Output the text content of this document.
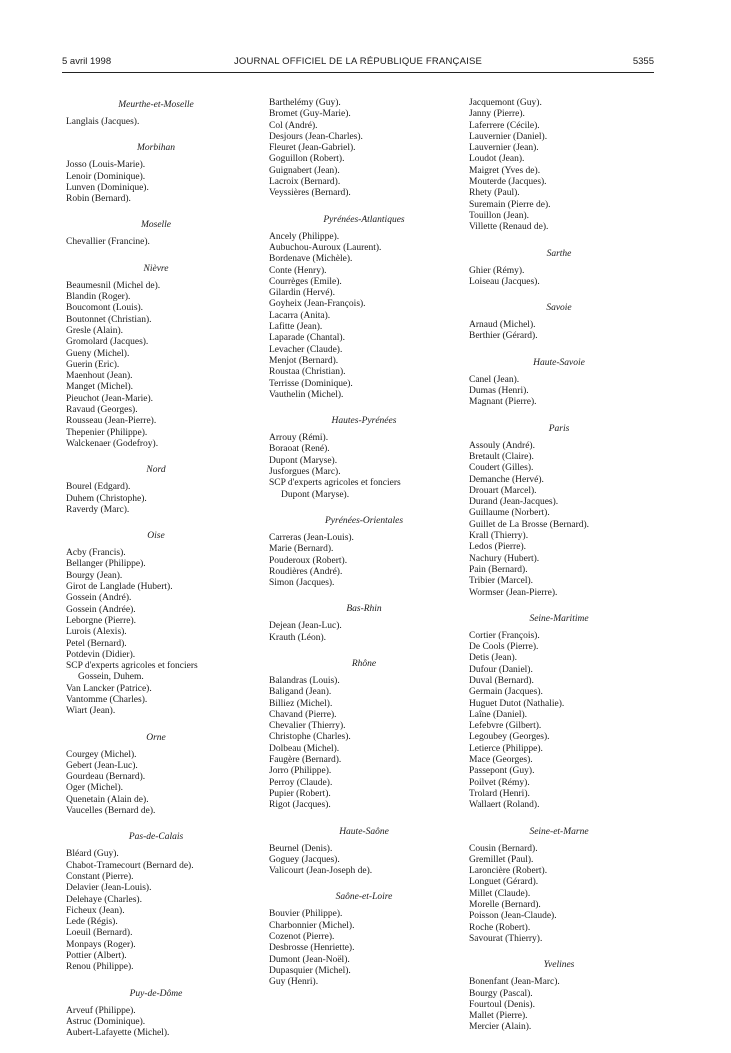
5 avril 1998	JOURNAL OFFICIEL DE LA RÉPUBLIQUE FRANÇAISE	5355
Meurthe-et-Moselle
Langlais (Jacques).
Morbihan
Josso (Louis-Marie).
Lenoir (Dominique).
Lunven (Dominique).
Robin (Bernard).
Moselle
Chevallier (Francine).
Nièvre
Beaumesnil (Michel de).
Blandin (Roger).
Boucomont (Louis).
Boutonnet (Christian).
Gresle (Alain).
Gromolard (Jacques).
Gueny (Michel).
Guerin (Eric).
Maenhout (Jean).
Manget (Michel).
Pieuchot (Jean-Marie).
Ravaud (Georges).
Rousseau (Jean-Pierre).
Thepenier (Philippe).
Walckenaer (Godefroy).
Nord
Bourel (Edgard).
Duhem (Christophe).
Raverdy (Marc).
Oise
Acby (Francis).
Bellanger (Philippe).
Bourgy (Jean).
Girot de Langlade (Hubert).
Gossein (André).
Gossein (Andrée).
Leborgne (Pierre).
Lurois (Alexis).
Petel (Bernard).
Potdevin (Didier).
SCP d'experts agricoles et fonciers
Gossein, Duhem.
Van Lancker (Patrice).
Vantomme (Charles).
Wiart (Jean).
Orne
Courgey (Michel).
Gebert (Jean-Luc).
Gourdeau (Bernard).
Oger (Michel).
Quenetain (Alain de).
Vaucelles (Bernard de).
Pas-de-Calais
Bléard (Guy).
Chabot-Tramecourt (Bernard de).
Constant (Pierre).
Delavier (Jean-Louis).
Delehaye (Charles).
Ficheux (Jean).
Lede (Régis).
Loeuil (Bernard).
Monpays (Roger).
Pottier (Albert).
Renou (Philippe).
Puy-de-Dôme
Arveuf (Philippe).
Astruc (Dominique).
Aubert-Lafayette (Michel).
Barthelémy (Guy).
Bromet (Guy-Marie).
Col (André).
Desjours (Jean-Charles).
Fleuret (Jean-Gabriel).
Goguillon (Robert).
Guignabert (Jean).
Lacroix (Bernard).
Veyssières (Bernard).
Pyrénées-Atlantiques
Ancely (Philippe).
Aubuchou-Auroux (Laurent).
Bordenave (Michèle).
Conte (Henry).
Courrèges (Emile).
Gilardin (Hervé).
Goyheix (Jean-François).
Lacarra (Anita).
Lafitte (Jean).
Laparade (Chantal).
Levacher (Claude).
Menjot (Bernard).
Roustaa (Christian).
Terrisse (Dominique).
Vauthelin (Michel).
Hautes-Pyrénées
Arrouy (Rémi).
Boraoat (René).
Dupont (Maryse).
Jusforgues (Marc).
SCP d'experts agricoles et fonciers
Dupont (Maryse).
Pyrénées-Orientales
Carreras (Jean-Louis).
Marie (Bernard).
Pouderoux (Robert).
Roudières (André).
Simon (Jacques).
Bas-Rhin
Dejean (Jean-Luc).
Krauth (Léon).
Rhône
Balandras (Louis).
Baligand (Jean).
Billiez (Michel).
Chavand (Pierre).
Chevalier (Thierry).
Christophe (Charles).
Dolbeau (Michel).
Faugère (Bernard).
Jorro (Philippe).
Perroy (Claude).
Pupier (Robert).
Rigot (Jacques).
Haute-Saône
Beurnel (Denis).
Goguey (Jacques).
Valicourt (Jean-Joseph de).
Saône-et-Loire
Bouvier (Philippe).
Charbonnier (Michel).
Cozenot (Pierre).
Desbrosse (Henriette).
Dumont (Jean-Noël).
Dupasquier (Michel).
Guy (Henri).
Jacquemont (Guy).
Janny (Pierre).
Laferrere (Cécile).
Lauvernier (Daniel).
Lauvernier (Jean).
Loudot (Jean).
Maigret (Yves de).
Mouterde (Jacques).
Rhety (Paul).
Suremain (Pierre de).
Touillon (Jean).
Villette (Renaud de).
Sarthe
Ghier (Rémy).
Loiseau (Jacques).
Savoie
Arnaud (Michel).
Berthier (Gérard).
Haute-Savoie
Canel (Jean).
Dumas (Henri).
Magnant (Pierre).
Paris
Assouly (André).
Bretault (Claire).
Coudert (Gilles).
Demanche (Hervé).
Drouart (Marcel).
Durand (Jean-Jacques).
Guillaume (Norbert).
Guillet de La Brosse (Bernard).
Krall (Thierry).
Ledos (Pierre).
Nachury (Hubert).
Pain (Bernard).
Tribier (Marcel).
Wormser (Jean-Pierre).
Seine-Maritime
Cortier (François).
De Cools (Pierre).
Detis (Jean).
Dufour (Daniel).
Duval (Bernard).
Germain (Jacques).
Huguet Dutot (Nathalie).
Laîne (Daniel).
Lefebvre (Gilbert).
Legoubey (Georges).
Letierce (Philippe).
Mace (Georges).
Passepont (Guy).
Poilvet (Rémy).
Trolard (Henri).
Wallaert (Roland).
Seine-et-Marne
Cousin (Bernard).
Gremillet (Paul).
Laroncière (Robert).
Longuet (Gérard).
Millet (Claude).
Morelle (Bernard).
Poisson (Jean-Claude).
Roche (Robert).
Savourat (Thierry).
Yvelines
Bonenfant (Jean-Marc).
Bourgy (Pascal).
Fourtoul (Denis).
Mallet (Pierre).
Mercier (Alain).
